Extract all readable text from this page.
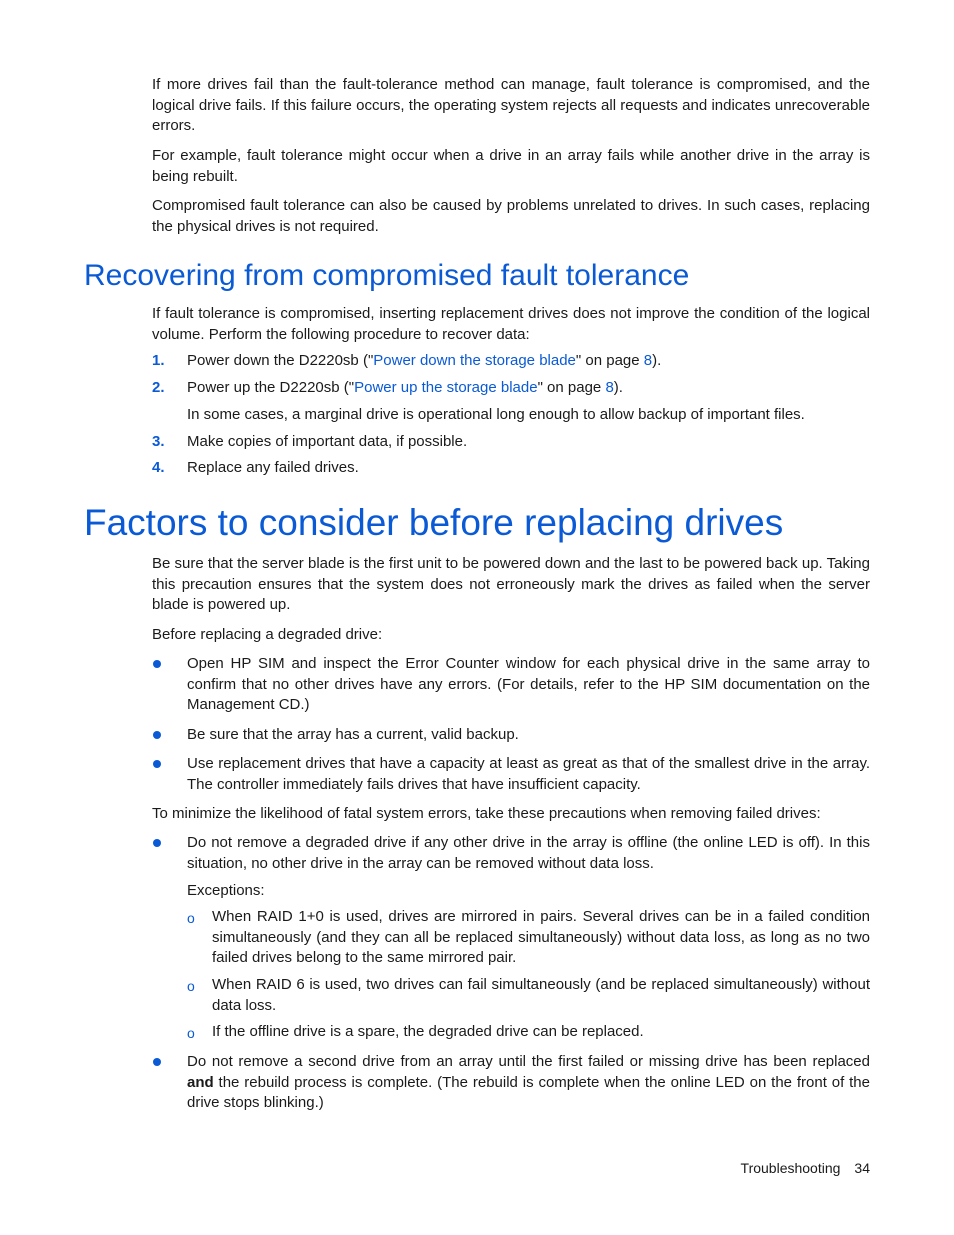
If more drives fail than the fault-tolerance method can manage, fault tolerance is compromised, and the logical drive fails. If this failure occurs, the operating system rejects all requests and indicates unrecoverable errors.

For example, fault tolerance might occur when a drive in an array fails while another drive in the array is being rebuilt.

Compromised fault tolerance can also be caused by problems unrelated to drives. In such cases, replacing the physical drives is not required.

Recovering from compromised fault tolerance

If fault tolerance is compromised, inserting replacement drives does not improve the condition of the logical volume. Perform the following procedure to recover data:

1. Power down the D2220sb ("Power down the storage blade" on page 8).

2. Power up the D2220sb ("Power up the storage blade" on page 8).

In some cases, a marginal drive is operational long enough to allow backup of important files.

3. Make copies of important data, if possible.

4. Replace any failed drives.

Factors to consider before replacing drives

Be sure that the server blade is the first unit to be powered down and the last to be powered back up. Taking this precaution ensures that the system does not erroneously mark the drives as failed when the server blade is powered up.

Before replacing a degraded drive:

Open HP SIM and inspect the Error Counter window for each physical drive in the same array to confirm that no other drives have any errors. (For details, refer to the HP SIM documentation on the Management CD.)

Be sure that the array has a current, valid backup.

Use replacement drives that have a capacity at least as great as that of the smallest drive in the array. The controller immediately fails drives that have insufficient capacity.

To minimize the likelihood of fatal system errors, take these precautions when removing failed drives:

Do not remove a degraded drive if any other drive in the array is offline (the online LED is off). In this situation, no other drive in the array can be removed without data loss.

Exceptions:

o When RAID 1+0 is used, drives are mirrored in pairs. Several drives can be in a failed condition simultaneously (and they can all be replaced simultaneously) without data loss, as long as no two failed drives belong to the same mirrored pair.

o When RAID 6 is used, two drives can fail simultaneously (and be replaced simultaneously) without data loss.

o If the offline drive is a spare, the degraded drive can be replaced.

Do not remove a second drive from an array until the first failed or missing drive has been replaced and the rebuild process is complete. (The rebuild is complete when the online LED on the front of the drive stops blinking.)

Troubleshooting 34
